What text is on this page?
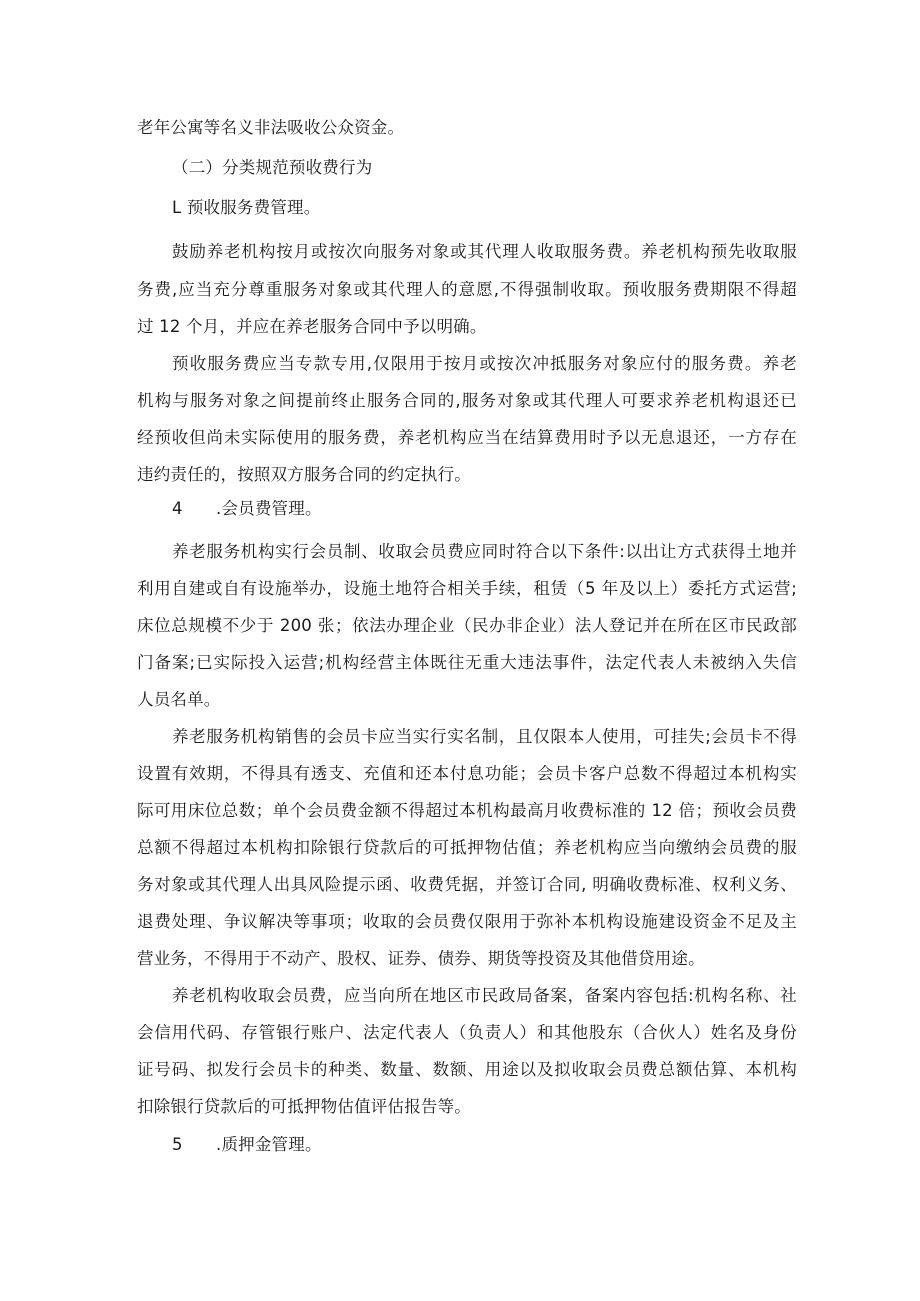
老年公寓等名义非法吸收公众资金。
（二）分类规范预收费行为
L 预收服务费管理。
鼓励养老机构按月或按次向服务对象或其代理人收取服务费。养老机构预先收取服
务费,应当充分尊重服务对象或其代理人的意愿,不得强制收取。预收服务费期限不得超
过 12 个月，并应在养老服务合同中予以明确。
预收服务费应当专款专用,仅限用于按月或按次冲抵服务对象应付的服务费。养老
机构与服务对象之间提前终止服务合同的,服务对象或其代理人可要求养老机构退还已
经预收但尚未实际使用的服务费，养老机构应当在结算费用时予以无息退还，一方存在
违约责任的，按照双方服务合同的约定执行。
4 .会员费管理。
养老服务机构实行会员制、收取会员费应同时符合以下条件:以出让方式获得土地并
利用自建或自有设施举办，设施土地符合相关手续，租赁（5 年及以上）委托方式运营;
床位总规模不少于 200 张；依法办理企业（民办非企业）法人登记并在所在区市民政部
门备案;已实际投入运营;机构经营主体既往无重大违法事件，法定代表人未被纳入失信
人员名单。
养老服务机构销售的会员卡应当实行实名制，且仅限本人使用，可挂失;会员卡不得
设置有效期，不得具有透支、充值和还本付息功能；会员卡客户总数不得超过本机构实
际可用床位总数；单个会员费金额不得超过本机构最高月收费标准的 12 倍；预收会员费
总额不得超过本机构扣除银行贷款后的可抵押物估值；养老机构应当向缴纳会员费的服
务对象或其代理人出具风险提示函、收费凭据，并签订合同, 明确收费标准、权利义务、
退费处理、争议解决等事项；收取的会员费仅限用于弥补本机构设施建设资金不足及主
营业务，不得用于不动产、股权、证券、债券、期货等投资及其他借贷用途。
养老机构收取会员费，应当向所在地区市民政局备案，备案内容包括:机构名称、社
会信用代码、存管银行账户、法定代表人（负责人）和其他股东（合伙人）姓名及身份
证号码、拟发行会员卡的种类、数量、数额、用途以及拟收取会员费总额估算、本机构
扣除银行贷款后的可抵押物估值评估报告等。
5 .质押金管理。
